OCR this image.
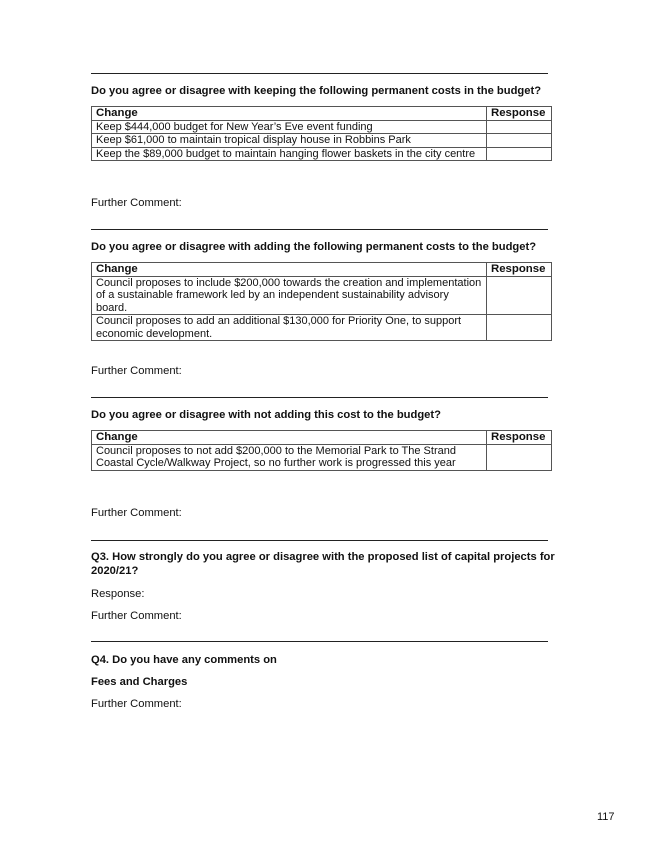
Do you agree or disagree with keeping the following permanent costs in the budget?
Change	Response
Keep $444,000 budget for New Year’s Eve event funding	
Keep $61,000 to maintain tropical display house in Robbins Park	
Keep the $89,000 budget to maintain hanging flower baskets in the city centre	
Further Comment:
Do you agree or disagree with adding the following permanent costs to the budget?
Change	Response
Council proposes to include $200,000 towards the creation and implementation of a sustainable framework led by an independent sustainability advisory board.	
Council proposes to add an additional $130,000 for Priority One, to support economic development.	
Further Comment:
Do you agree or disagree with not adding this cost to the budget?
Change	Response
Council proposes to not add $200,000 to the Memorial Park to The Strand Coastal Cycle/Walkway Project, so no further work is progressed this year	
Further Comment:
Q3. How strongly do you agree or disagree with the proposed list of capital projects for 2020/21?
Response:
Further Comment:
Q4. Do you have any comments on
Fees and Charges
Further Comment:
117
